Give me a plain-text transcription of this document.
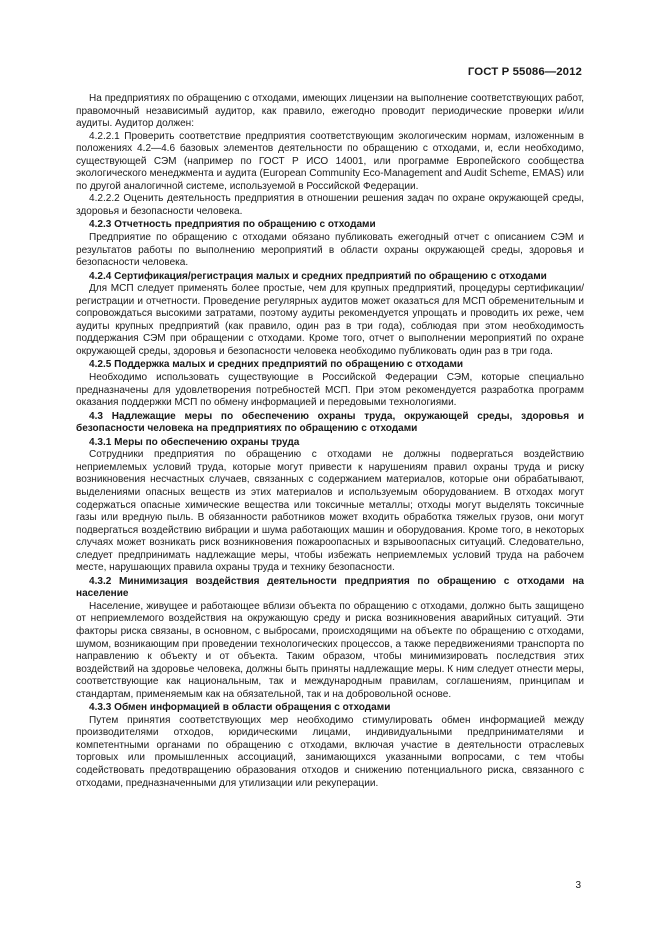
ГОСТ Р 55086—2012

На предприятиях по обращению с отходами, имеющих лицензии на выполнение соответствующих работ, правомочный независимый аудитор, как правило, ежегодно проводит периодические проверки и/или аудиты. Аудитор должен:

4.2.2.1 Проверить соответствие предприятия соответствующим экологическим нормам, изложенным в положениях 4.2—4.6 базовых элементов деятельности по обращению с отходами, и, если необходимо, существующей СЭМ (например по ГОСТ Р ИСО 14001, или программе Европейского сообщества экологического менеджмента и аудита (European Community Eco-Management and Audit Scheme, EMAS) или по другой аналогичной системе, используемой в Российской Федерации.

4.2.2.2 Оценить деятельность предприятия в отношении решения задач по охране окружающей среды, здоровья и безопасности человека.

4.2.3 Отчетность предприятия по обращению с отходами

Предприятие по обращению с отходами обязано публиковать ежегодный отчет с описанием СЭМ и результатов работы по выполнению мероприятий в области охраны окружающей среды, здоровья и безопасности человека.

4.2.4 Сертификация/регистрация малых и средних предприятий по обращению с отходами

Для МСП следует применять более простые, чем для крупных предприятий, процедуры сертификации/ регистрации и отчетности. Проведение регулярных аудитов может оказаться для МСП обременительным и сопровождаться высокими затратами, поэтому аудиты рекомендуется упрощать и проводить их реже, чем аудиты крупных предприятий (как правило, один раз в три года), соблюдая при этом необходимость поддержания СЭМ при обращении с отходами. Кроме того, отчет о выполнении мероприятий по охране окружающей среды, здоровья и безопасности человека необходимо публиковать один раз в три года.

4.2.5 Поддержка малых и средних предприятий по обращению с отходами

Необходимо использовать существующие в Российской Федерации СЭМ, которые специально предназначены для удовлетворения потребностей МСП. При этом рекомендуется разработка программ оказания поддержки МСП по обмену информацией и передовыми технологиями.

4.3 Надлежащие меры по обеспечению охраны труда, окружающей среды, здоровья и безопасности человека на предприятиях по обращению с отходами

4.3.1 Меры по обеспечению охраны труда

Сотрудники предприятия по обращению с отходами не должны подвергаться воздействию неприемлемых условий труда, которые могут привести к нарушениям правил охраны труда и риску возникновения несчастных случаев, связанных с содержанием материалов, которые они обрабатывают, выделениями опасных веществ из этих материалов и используемым оборудованием. В отходах могут содержаться опасные химические вещества или токсичные металлы; отходы могут выделять токсичные газы или вредную пыль. В обязанности работников может входить обработка тяжелых грузов, они могут подвергаться воздействию вибрации и шума работающих машин и оборудования. Кроме того, в некоторых случаях может возникать риск возникновения пожароопасных и взрывоопасных ситуаций. Следовательно, следует предпринимать надлежащие меры, чтобы избежать неприемлемых условий труда на рабочем месте, нарушающих правила охраны труда и технику безопасности.

4.3.2 Минимизация воздействия деятельности предприятия по обращению с отходами на население

Население, живущее и работающее вблизи объекта по обращению с отходами, должно быть защищено от неприемлемого воздействия на окружающую среду и риска возникновения аварийных ситуаций. Эти факторы риска связаны, в основном, с выбросами, происходящими на объекте по обращению с отходами, шумом, возникающим при проведении технологических процессов, а также передвижениями транспорта по направлению к объекту и от объекта. Таким образом, чтобы минимизировать последствия этих воздействий на здоровье человека, должны быть приняты надлежащие меры. К ним следует отнести меры, соответствующие как национальным, так и международным правилам, соглашениям, принципам и стандартам, применяемым как на обязательной, так и на добровольной основе.

4.3.3 Обмен информацией в области обращения с отходами

Путем принятия соответствующих мер необходимо стимулировать обмен информацией между производителями отходов, юридическими лицами, индивидуальными предпринимателями и компетентными органами по обращению с отходами, включая участие в деятельности отраслевых торговых или промышленных ассоциаций, занимающихся указанными вопросами, с тем чтобы содействовать предотвращению образования отходов и снижению потенциального риска, связанного с отходами, предназначенными для утилизации или рекуперации.

3
